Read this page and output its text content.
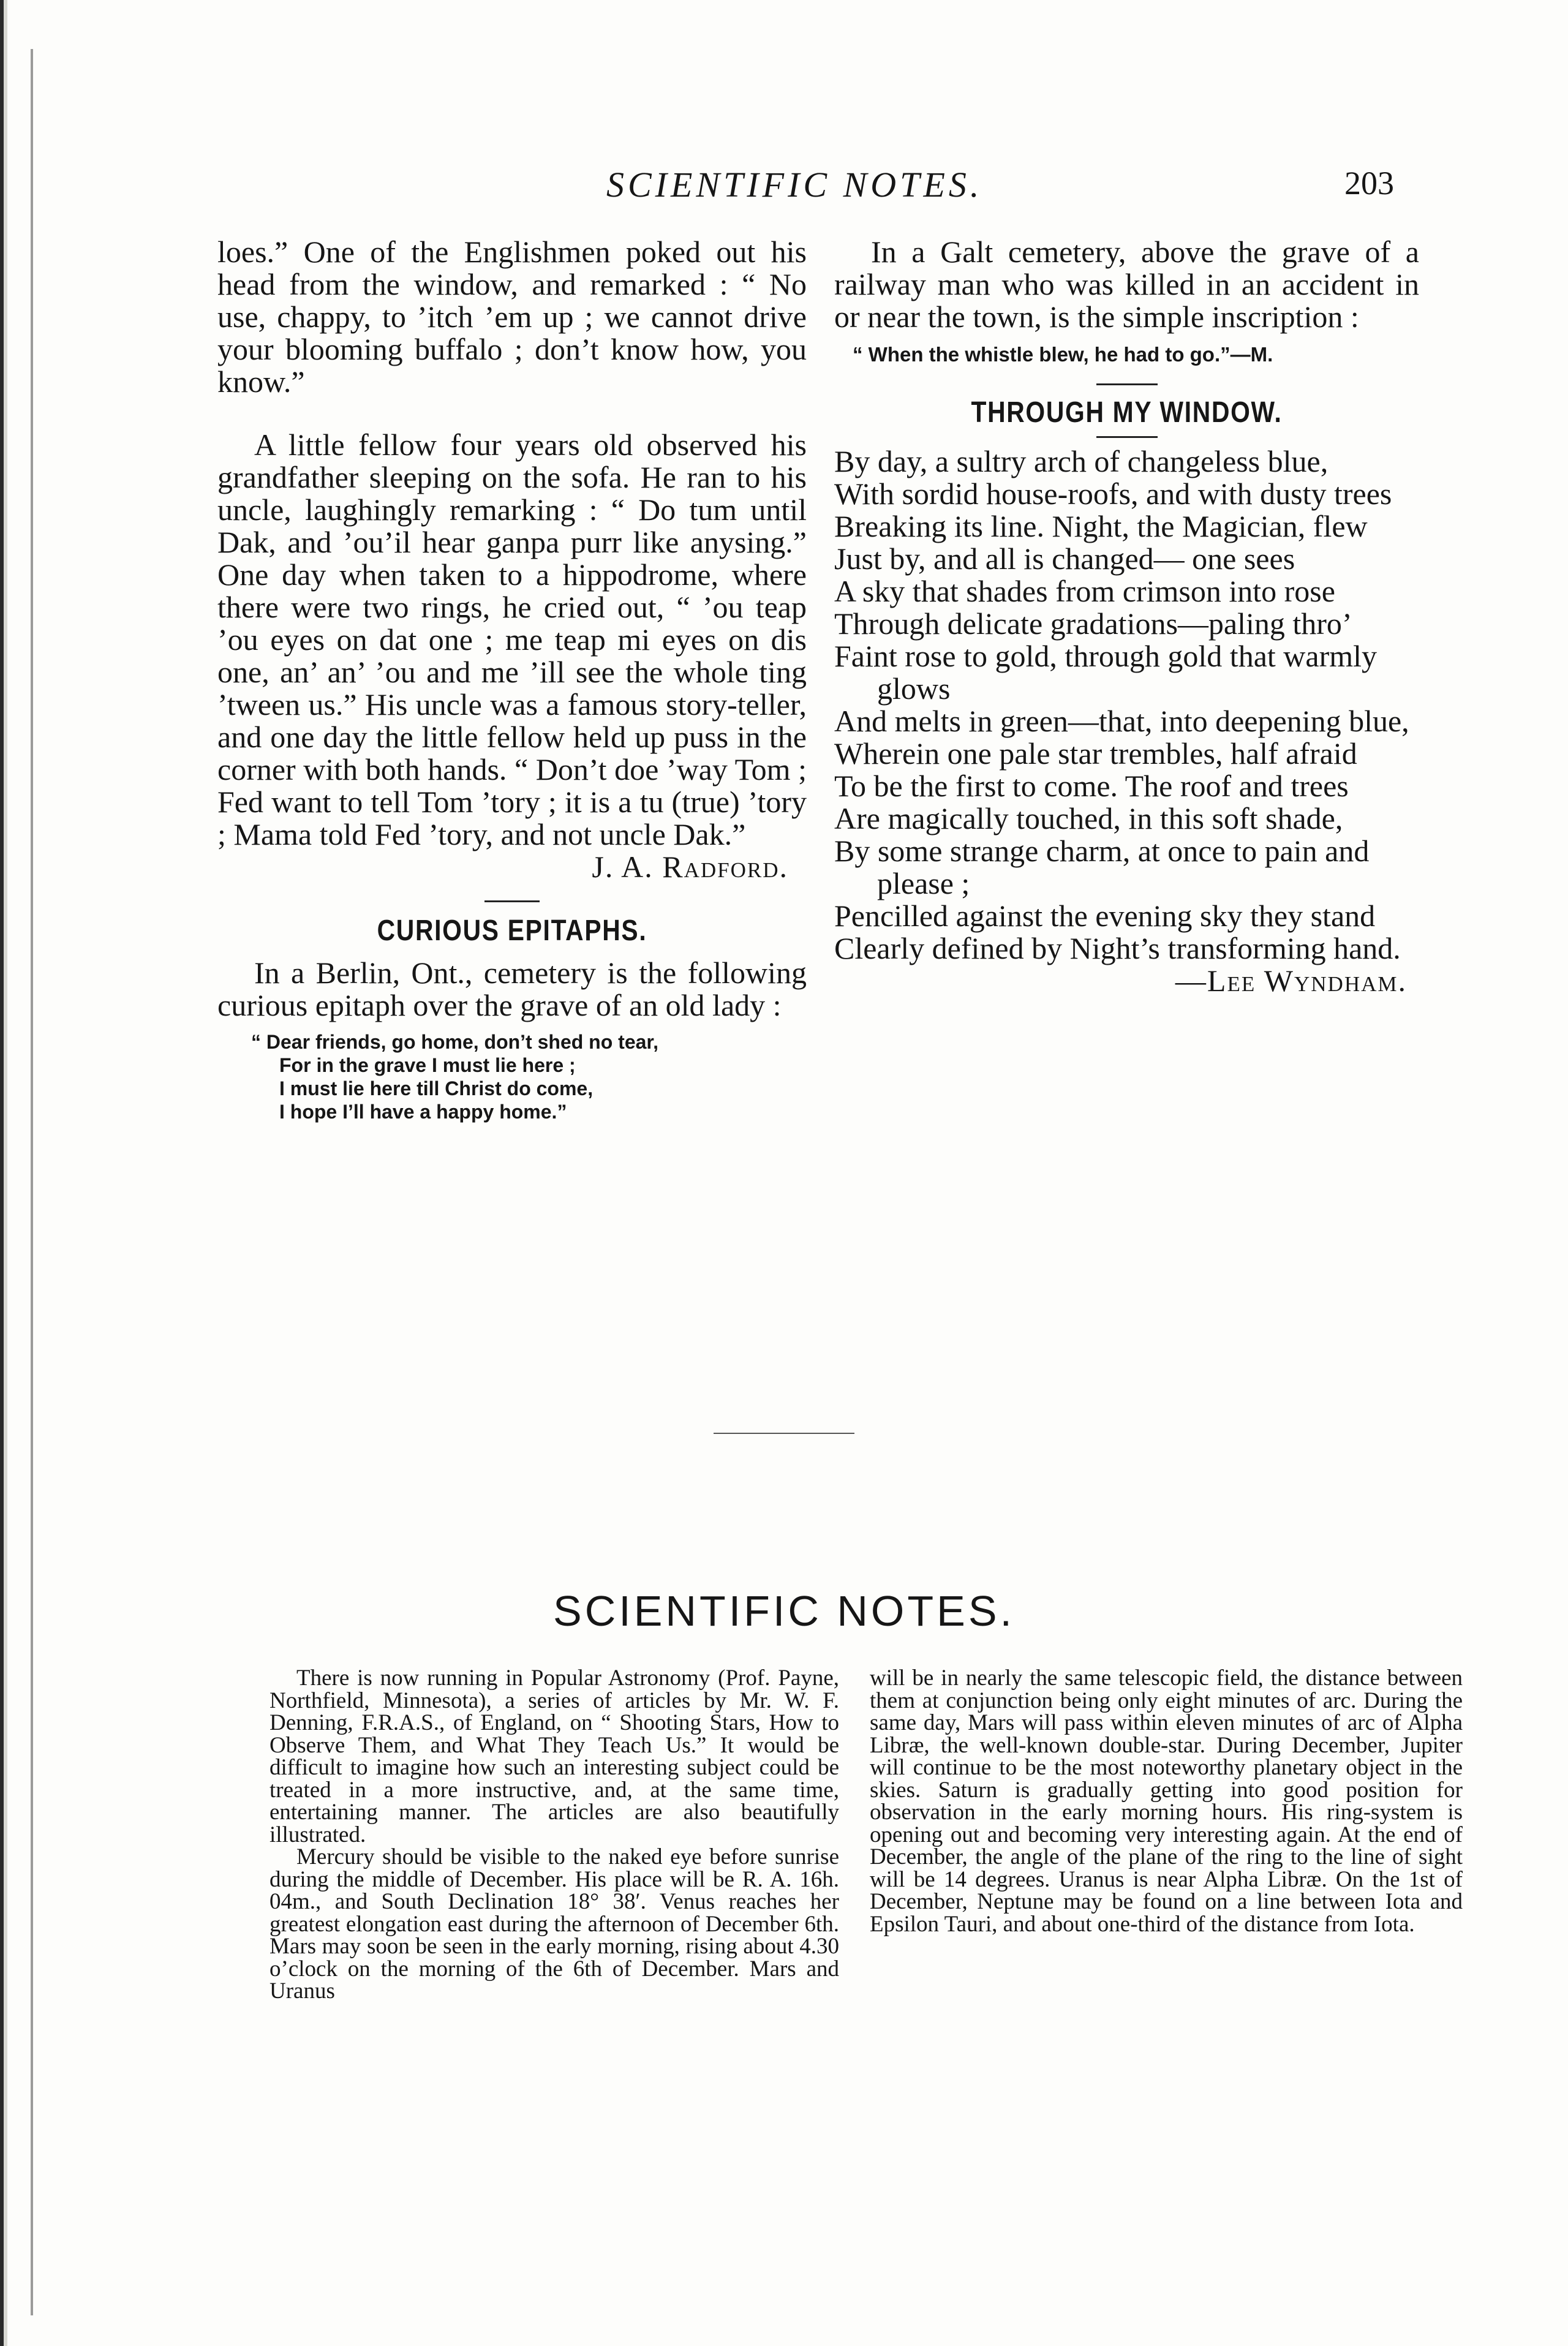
SCIENTIFIC NOTES.	203

loes.” One of the Englishmen poked out his head from the window, and remarked : “ No use, chappy, to ’itch ’em up ; we cannot drive your blooming buffalo ; don’t know how, you know.”

A little fellow four years old observed his grandfather sleeping on the sofa. He ran to his uncle, laughingly remarking : “ Do tum until Dak, and ’ou’il hear ganpa purr like anysing.” One day when taken to a hippodrome, where there were two rings, he cried out, “ ’ou teap ’ou eyes on dat one ; me teap mi eyes on dis one, an’ an’ ’ou and me ’ill see the whole ting ’tween us.” His uncle was a famous story-teller, and one day the little fellow held up puss in the corner with both hands. “ Don’t doe ’way Tom ; Fed want to tell Tom ’tory ; it is a tu (true) ’tory ; Mama told Fed ’tory, and not uncle Dak.”

J. A. Radford.

CURIOUS EPITAPHS.

In a Berlin, Ont., cemetery is the following curious epitaph over the grave of an old lady :

“ Dear friends, go home, don’t shed no tear,
For in the grave I must lie here ;
I must lie here till Christ do come,
I hope I’ll have a happy home.”

In a Galt cemetery, above the grave of a railway man who was killed in an accident in or near the town, is the simple inscription :

“ When the whistle blew, he had to go.”—M.
THROUGH MY WINDOW.
By day, a sultry arch of changeless blue,
With sordid house-roofs, and with dusty trees
Breaking its line. Night, the Magician, flew
Just by, and all is changed— one sees
A sky that shades from crimson into rose
Through delicate gradations—paling thro’
Faint rose to gold, through gold that warmly glows
And melts in green—that, into deepening blue,
Wherein one pale star trembles, half afraid
To be the first to come. The roof and trees
Are magically touched, in this soft shade,
By some strange charm, at once to pain and please ;
Pencilled against the evening sky they stand
Clearly defined by Night’s transforming hand.

—Lee Wyndham.

SCIENTIFIC NOTES.

There is now running in Popular Astronomy (Prof. Payne, Northfield, Minnesota), a series of articles by Mr. W. F. Denning, F.R.A.S., of England, on “ Shooting Stars, How to Observe Them, and What They Teach Us.” It would be difficult to imagine how such an interesting subject could be treated in a more instructive, and, at the same time, entertaining manner. The articles are also beautifully illustrated.

Mercury should be visible to the naked eye before sunrise during the middle of December. His place will be R. A. 16h. 04m., and South Declination 18° 38′. Venus reaches her greatest elongation east during the afternoon of December 6th. Mars may soon be seen in the early morning, rising about 4.30 o’clock on the morning of the 6th of December. Mars and Uranus

will be in nearly the same telescopic field, the distance between them at conjunction being only eight minutes of arc. During the same day, Mars will pass within eleven minutes of arc of Alpha Libræ, the well-known double-star. During December, Jupiter will continue to be the most noteworthy planetary object in the skies. Saturn is gradually getting into good position for observation in the early morning hours. His ring-system is opening out and becoming very interesting again. At the end of December, the angle of the plane of the ring to the line of sight will be 14 degrees. Uranus is near Alpha Libræ. On the 1st of December, Neptune may be found on a line between Iota and Epsilon Tauri, and about one-third of the distance from Iota.
